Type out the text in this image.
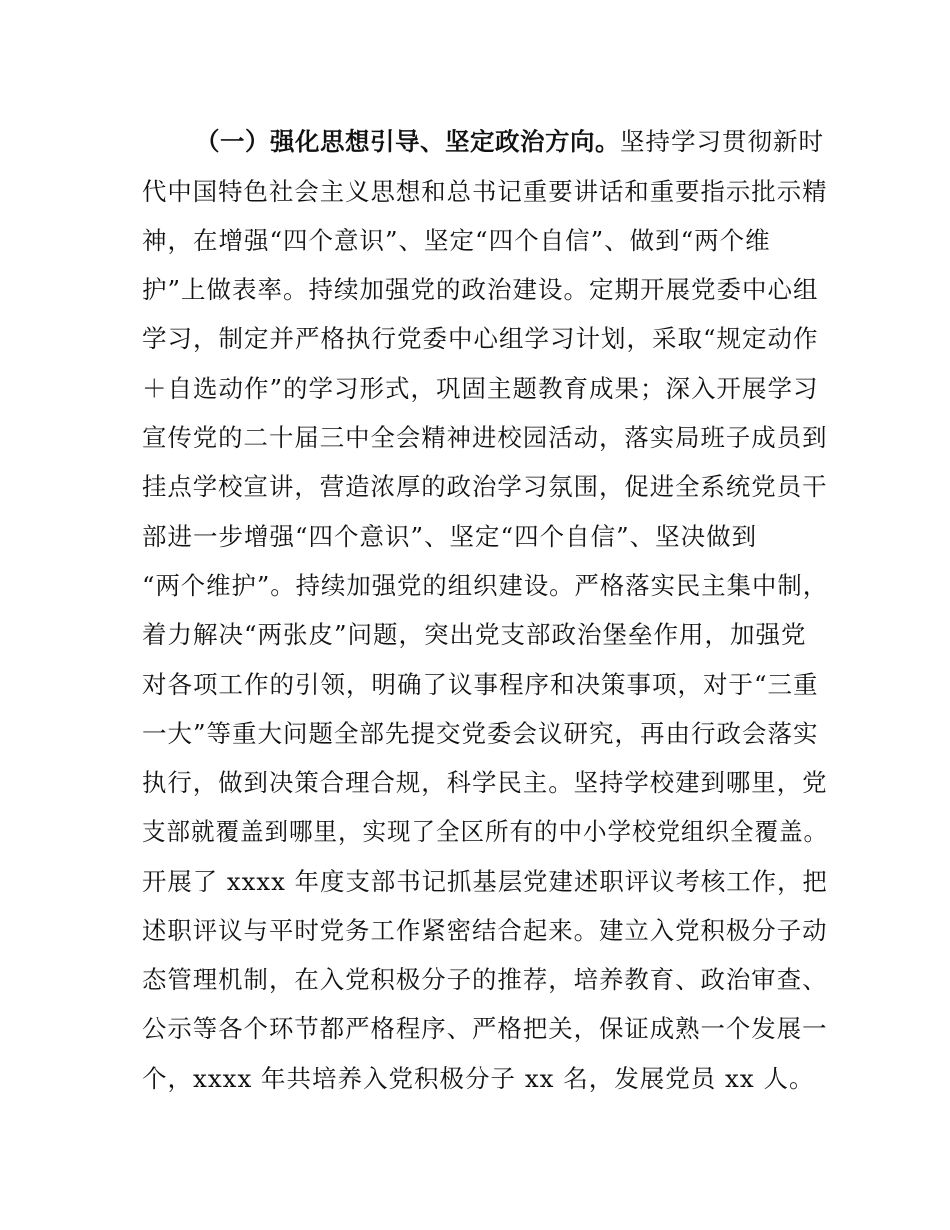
（一）强化思想引导、坚定政治方向。坚持学习贯彻新时
代中国特色社会主义思想和总书记重要讲话和重要指示批示精
神，在增强“四个意识”、坚定“四个自信”、做到“两个维
护”上做表率。持续加强党的政治建设。定期开展党委中心组
学习，制定并严格执行党委中心组学习计划，采取“规定动作
＋自选动作”的学习形式，巩固主题教育成果；深入开展学习
宣传党的二十届三中全会精神进校园活动，落实局班子成员到
挂点学校宣讲，营造浓厚的政治学习氛围，促进全系统党员干
部进一步增强“四个意识”、坚定“四个自信”、坚决做到
“两个维护”。持续加强党的组织建设。严格落实民主集中制，
着力解决“两张皮”问题，突出党支部政治堡垒作用，加强党
对各项工作的引领，明确了议事程序和决策事项，对于“三重
一大”等重大问题全部先提交党委会议研究，再由行政会落实
执行，做到决策合理合规，科学民主。坚持学校建到哪里，党
支部就覆盖到哪里，实现了全区所有的中小学校党组织全覆盖。
开展了 xxxx 年度支部书记抓基层党建述职评议考核工作，把
述职评议与平时党务工作紧密结合起来。建立入党积极分子动
态管理机制，在入党积极分子的推荐，培养教育、政治审查、
公示等各个环节都严格程序、严格把关，保证成熟一个发展一
个，xxxx 年共培养入党积极分子 xx 名，发展党员 xx 人。
